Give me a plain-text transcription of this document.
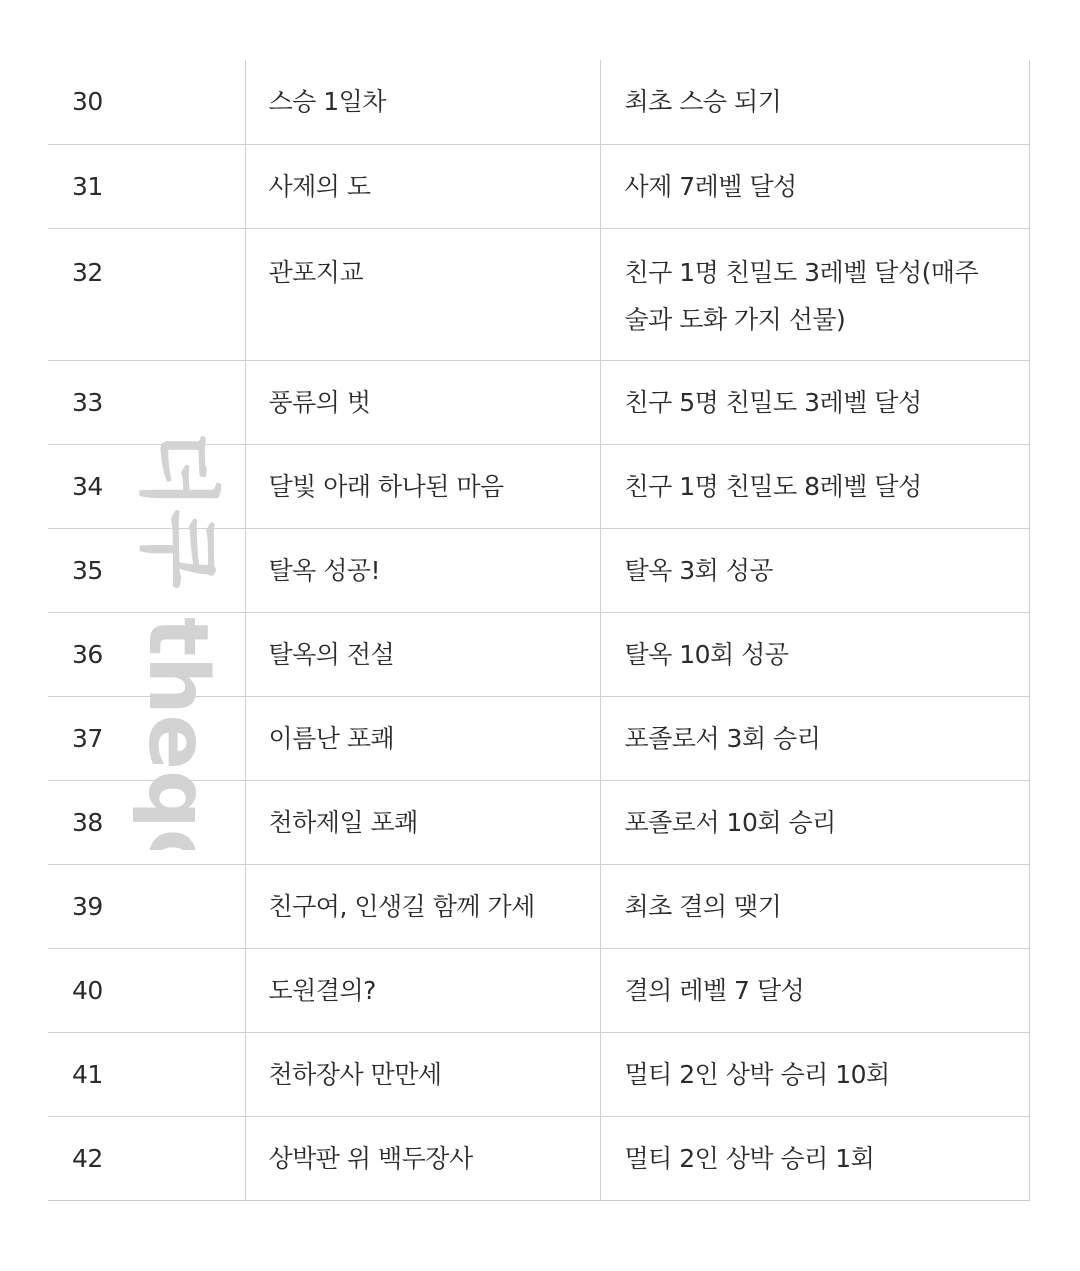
30	스승 1일차	최초 스승 되기
31	사제의 도	사제 7레벨 달성
32	관포지교	친구 1명 친밀도 3레벨 달성(매주 술과 도화 가지 선물)
33	풍류의 벗	친구 5명 친밀도 3레벨 달성
34	달빛 아래 하나된 마음	친구 1명 친밀도 8레벨 달성
35	탈옥 성공!	탈옥 3회 성공
36	탈옥의 전설	탈옥 10회 성공
37	이름난 포쾌	포졸로서 3회 승리
38	천하제일 포쾌	포졸로서 10회 승리
39	친구여, 인생길 함께 가세	최초 결의 맺기
40	도원결의?	결의 레벨 7 달성
41	천하장사 만만세	멀티 2인 상박 승리 10회
42	상박판 위 백두장사	멀티 2인 상박 승리 1회
더쿠 theqoo
